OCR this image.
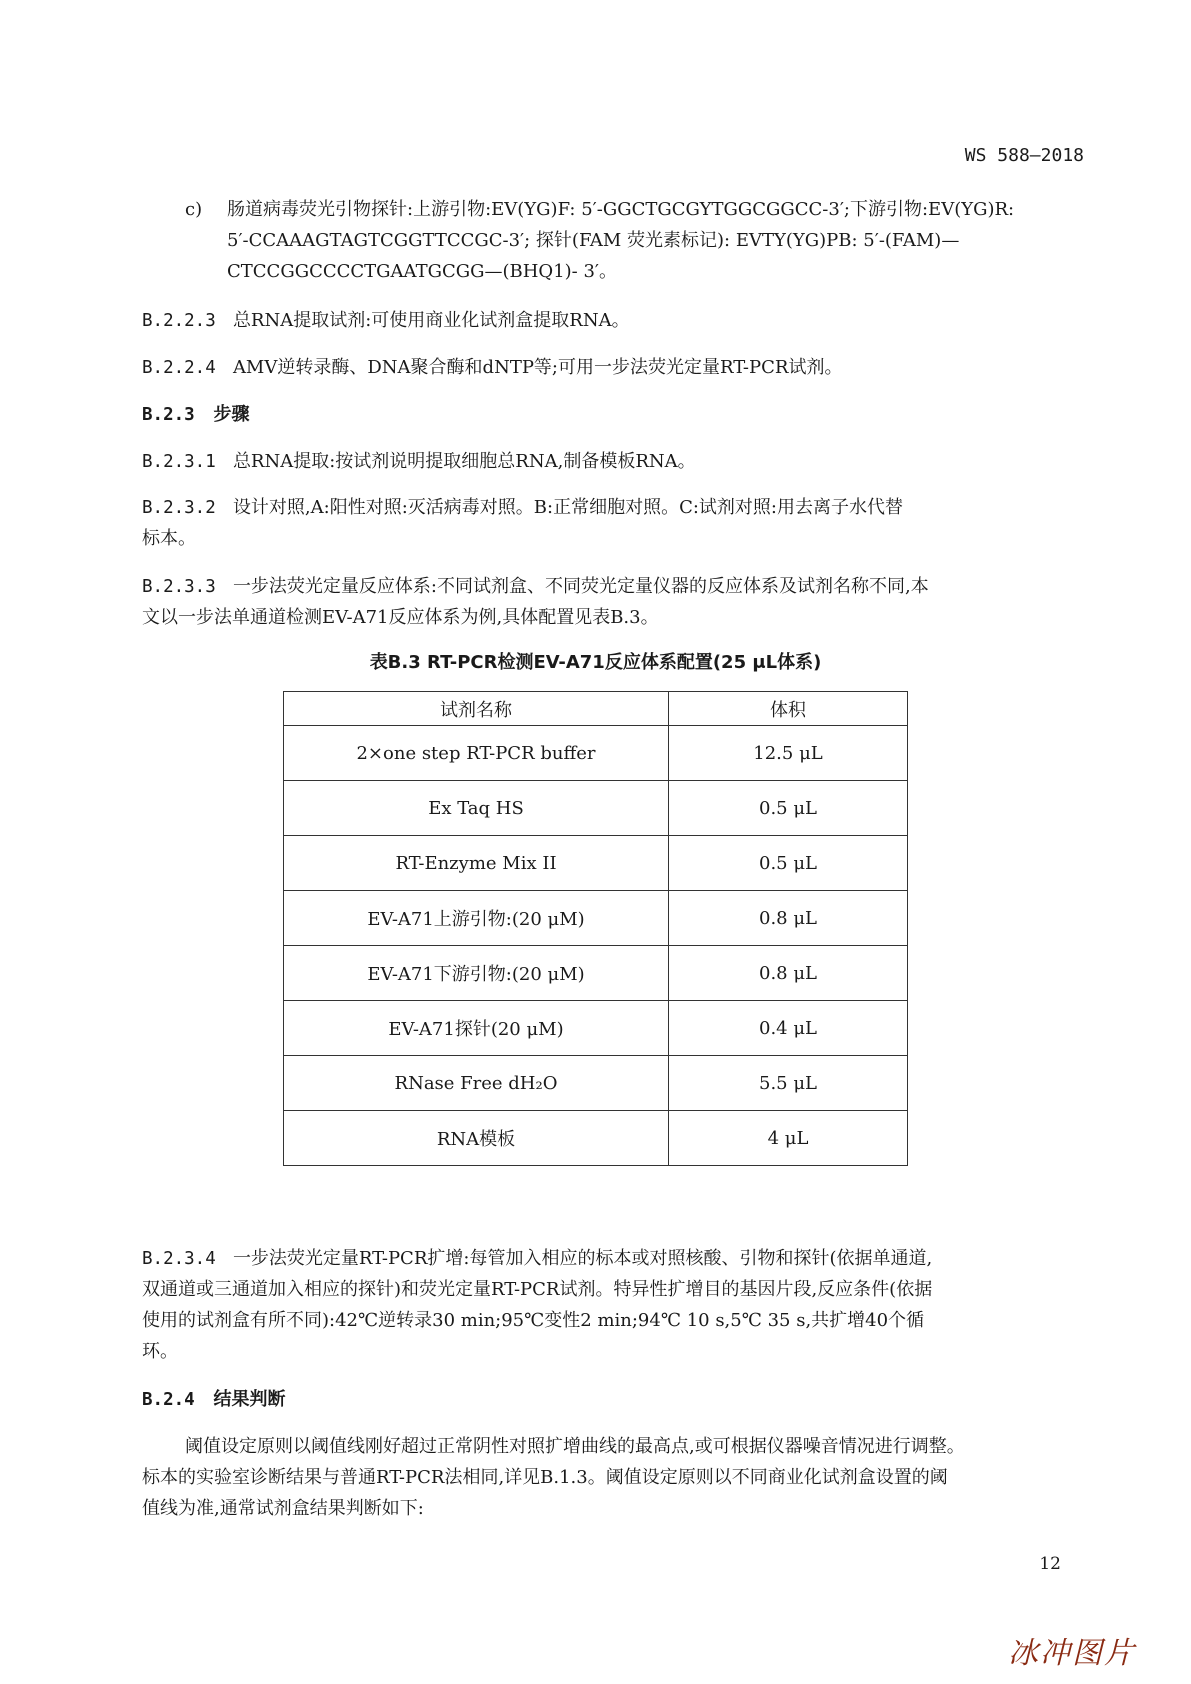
WS 588—2018
c) 肠道病毒荧光引物探针:上游引物:EV(YG)F: 5′-GGCTGCGYTGGCGGCC-3′;下游引物:EV(YG)R:
5′-CCAAAGTAGTCGGTTCCGC-3′; 探针(FAM 荧光素标记): EVTY(YG)PB: 5′-(FAM)—
CTCCGGCCCCTGAATGCGG—(BHQ1)- 3′。
B.2.2.3 总RNA提取试剂:可使用商业化试剂盒提取RNA。
B.2.2.4 AMV逆转录酶、DNA聚合酶和dNTP等;可用一步法荧光定量RT-PCR试剂。
B.2.3 步骤
B.2.3.1 总RNA提取:按试剂说明提取细胞总RNA,制备模板RNA。
B.2.3.2 设计对照,A:阳性对照:灭活病毒对照。B:正常细胞对照。C:试剂对照:用去离子水代替
标本。
B.2.3.3 一步法荧光定量反应体系:不同试剂盒、不同荧光定量仪器的反应体系及试剂名称不同,本
文以一步法单通道检测EV-A71反应体系为例,具体配置见表B.3。
表B.3 RT-PCR检测EV-A71反应体系配置(25 μL体系)
试剂名称	体积
2×one step RT-PCR buffer	12.5 μL
Ex Taq HS	0.5 μL
RT-Enzyme Mix II	0.5 μL
EV-A71上游引物:(20 μM)	0.8 μL
EV-A71下游引物:(20 μM)	0.8 μL
EV-A71探针(20 μM)	0.4 μL
RNase Free dH₂O	5.5 μL
RNA模板	4 μL
B.2.3.4 一步法荧光定量RT-PCR扩增:每管加入相应的标本或对照核酸、引物和探针(依据单通道,
双通道或三通道加入相应的探针)和荧光定量RT-PCR试剂。特异性扩增目的基因片段,反应条件(依据
使用的试剂盒有所不同):42℃逆转录30 min;95℃变性2 min;94℃ 10 s,5℃ 35 s,共扩增40个循
环。
B.2.4 结果判断
阈值设定原则以阈值线刚好超过正常阴性对照扩增曲线的最高点,或可根据仪器噪音情况进行调整。
标本的实验室诊断结果与普通RT-PCR法相同,详见B.1.3。阈值设定原则以不同商业化试剂盒设置的阈
值线为准,通常试剂盒结果判断如下:
12
冰冲图片
